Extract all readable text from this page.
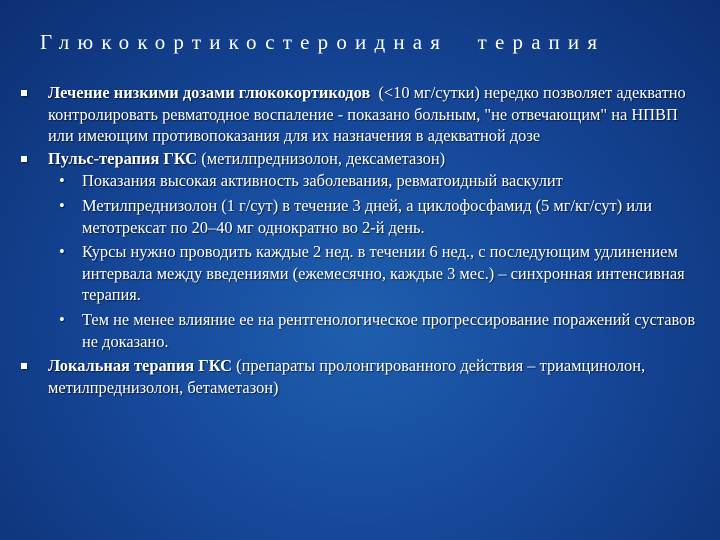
Глюкокортикостероидная терапия
Лечение низкими дозами глюкокортикодов  (<10 мг/сутки) нередко позволяет адекватно контролировать ревматодное воспаление - показано больным, "не отвечающим" на НПВП или имеющим противопоказания для их назначения в адекватной дозе
Пульс-терапия ГКС (метилпреднизолон, дексаметазон)
• Показания высокая активность заболевания, ревматоидный васкулит
• Метилпреднизолон (1 г/сут) в течение 3 дней, а циклофосфамид (5 мг/кг/сут) или метотрексат по 20–40 мг однократно во 2-й день.
• Курсы нужно проводить каждые 2 нед. в течении 6 нед., с последующим удлинением интервала между введениями (ежемесячно, каждые 3 мес.) – синхронная интенсивная терапия.
• Тем не менее влияние ее на рентгенологическое прогрессирование поражений суставов не доказано.
Локальная терапия ГКС (препараты пролонгированного действия – триамцинолон, метилпреднизолон, бетаметазон)
